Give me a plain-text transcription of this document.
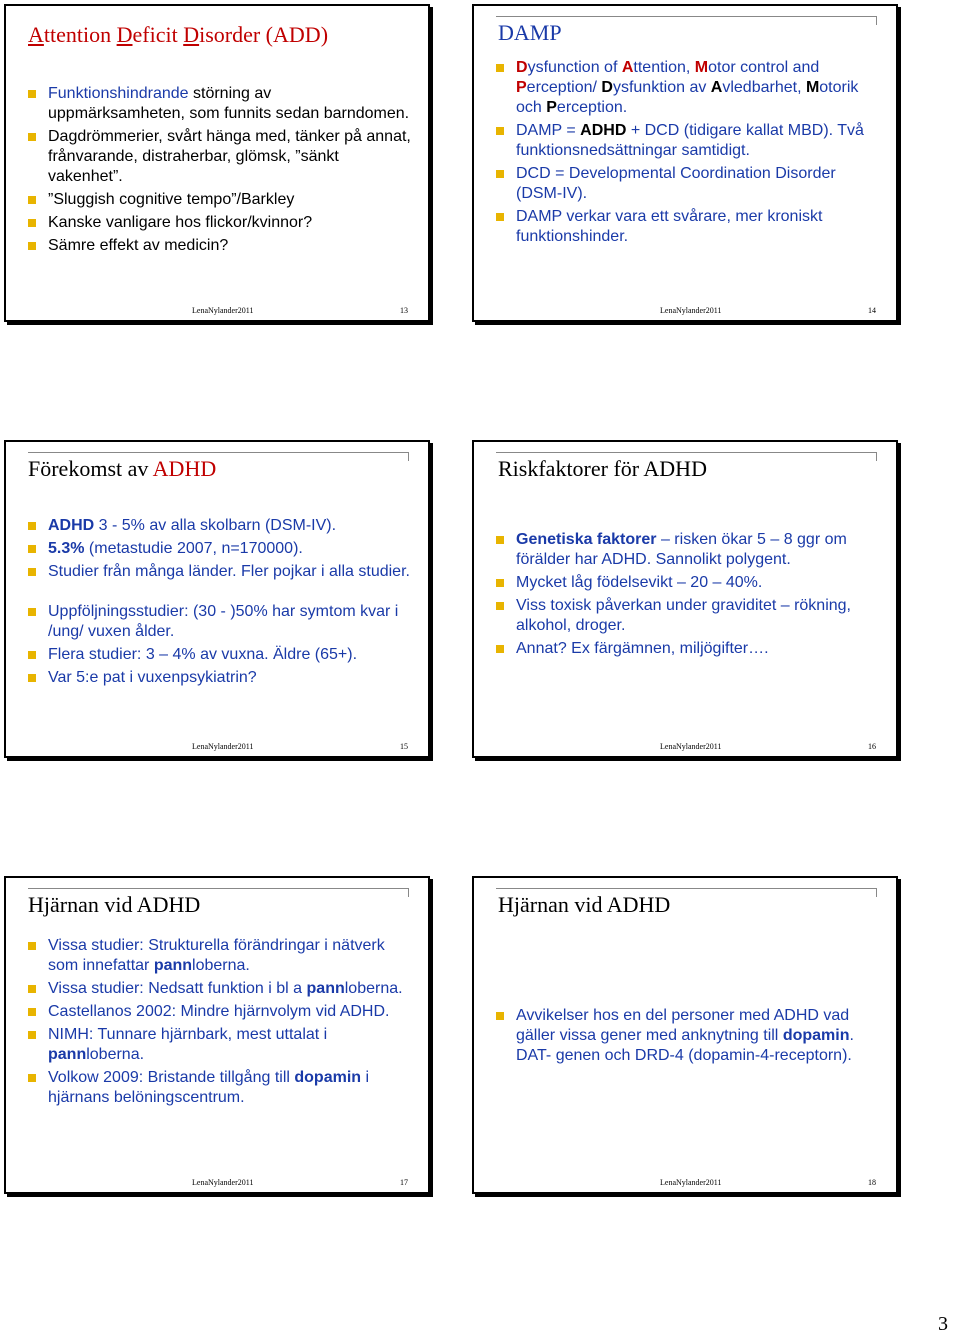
Attention Deficit Disorder (ADD)
Funktionshindrande störning av uppmärksamheten, som funnits sedan barndomen.
Dagdrömmerier, svårt hänga med, tänker på annat, frånvarande, distraherbar, glömsk, ”sänkt vakenhet”.
”Sluggish cognitive tempo”/Barkley
Kanske vanligare hos flickor/kvinnor?
Sämre effekt av medicin?
LenaNylander2011	13
DAMP
Dysfunction of Attention, Motor control and Perception/ Dysfunktion av Avledbarhet, Motorik och Perception.
DAMP = ADHD + DCD (tidigare kallat MBD). Två funktionsnedsättningar samtidigt.
DCD = Developmental Coordination Disorder (DSM-IV).
DAMP verkar vara ett svårare, mer kroniskt funktionshinder.
LenaNylander2011	14
Förekomst av ADHD
ADHD 3 - 5% av alla skolbarn (DSM-IV).
5.3% (metastudie 2007, n=170000).
Studier från många länder. Fler pojkar i alla studier.
Uppföljningsstudier: (30 - )50% har symtom kvar i /ung/ vuxen ålder.
Flera studier: 3 – 4% av vuxna. Äldre (65+).
Var 5:e pat i vuxenpsykiatrin?
LenaNylander2011	15
Riskfaktorer för ADHD
Genetiska faktorer – risken ökar 5 – 8 ggr om förälder har ADHD. Sannolikt polygent.
Mycket låg födelsevikt – 20 – 40%.
Viss toxisk påverkan under graviditet – rökning, alkohol, droger.
Annat? Ex färgämnen, miljögifter….
LenaNylander2011	16
Hjärnan vid ADHD
Vissa studier: Strukturella förändringar i nätverk som innefattar pannloberna.
Vissa studier: Nedsatt funktion i bl a pannloberna.
Castellanos 2002: Mindre hjärnvolym vid ADHD.
NIMH: Tunnare hjärnbark, mest uttalat i pannloberna.
Volkow 2009: Bristande tillgång till dopamin i hjärnans belöningscentrum.
LenaNylander2011	17
Hjärnan vid ADHD
Avvikelser hos en del personer med ADHD vad gäller vissa gener med anknytning till dopamin. DAT- genen och DRD-4 (dopamin-4-receptorn).
LenaNylander2011	18
3
